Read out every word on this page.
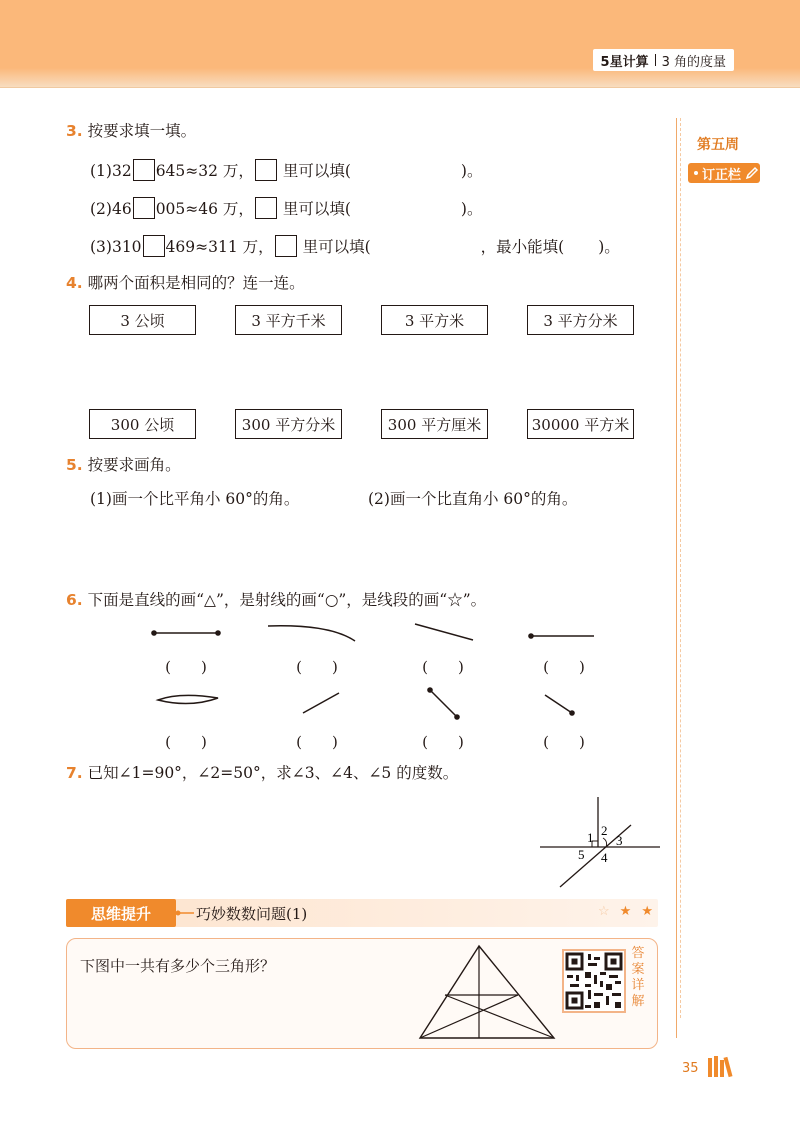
5星计算 3 角的度量
第五周
订正栏
3. 按要求填一填。
(1)32 645≈32 万， 里可以填(	)。
(2)46 005≈46 万， 里可以填(	)。
(3)310 469≈311 万， 里可以填(	，最小能填( )。
4. 哪两个面积是相同的？连一连。
3 公顷	3 平方千米	3 平方米	3 平方分米
300 公顷	300 平方分米	300 平方厘米	30000 平方米
5. 按要求画角。
(1)画一个比平角小 60°的角。	(2)画一个比直角小 60°的角。
6. 下面是直线的画“△”，是射线的画“○”，是线段的画“☆”。
(　　)	(　　)	(　　)	(　　)
(　　)	(　　)	(　　)	(　　)
7. 已知∠1=90°，∠2=50°，求∠3、∠4、∠5 的度数。
1 2
3
4
5
思维提升	巧妙数数问题(1)	☆ ★ ★
下图中一共有多少个三角形？
答案详解
35
